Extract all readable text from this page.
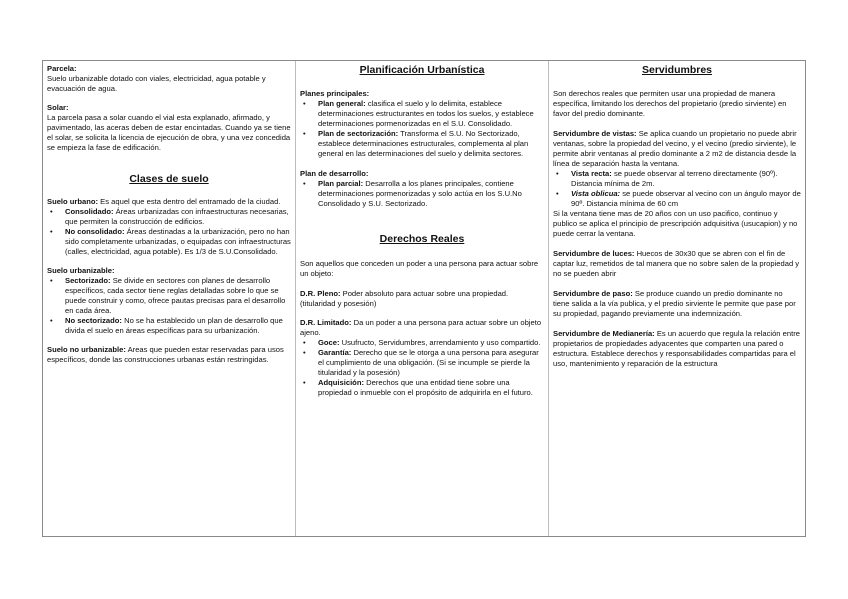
Parcela:
Suelo urbanizable dotado con viales, electricidad, agua potable y evacuación de agua.

Solar:
La parcela pasa a solar cuando el vial esta explanado, afirmado, y pavimentado, las aceras deben de estar encintadas. Cuando ya se tiene el solar, se solicita la licencia de ejecución de obra, y una vez concedida se empieza la fase de edificación.

Clases de suelo

Suelo urbano: Es aquel que esta dentro del entramado de la ciudad.

• Consolidado: Áreas urbanizadas con infraestructuras necesarias, que permiten la construcción de edificios.
• No consolidado: Áreas destinadas a la urbanización, pero no han sido completamente urbanizadas, o equipadas con infraestructuras (calles, electricidad, agua potable). Es 1/3 de S.U.Consolidado.

Suelo urbanizable:

• Sectorizado: Se divide en sectores con planes de desarrollo específicos, cada sector tiene reglas detalladas sobre lo que se puede construir y como, ofrece pautas precisas para el desarrollo en cada área.
• No sectorizado: No se ha establecido un plan de desarrollo que divida el suelo en áreas específicas para su urbanización.

Suelo no urbanizable: Areas que pueden estar reservadas para usos específicos, donde las construcciones urbanas están restringidas.

Planificación Urbanística

Planes principales:

• Plan general: clasifica el suelo y lo delimita, establece determinaciones estructurantes en todos los suelos, y establece determinaciones pormenorizadas en el S.U. Consolidado.
• Plan de sectorización: Transforma el S.U. No Sectorizado, establece determinaciones estructurales, complementa al plan general en las determinaciones del suelo y delimita sectores.

Plan de desarrollo:

• Plan parcial: Desarrolla a los planes principales, contiene determinaciones pormenorizadas y solo actúa en los S.U.No Consolidado y S.U. Sectorizado.

Derechos Reales

Son aquellos que conceden un poder a una persona para actuar sobre un objeto:

D.R. Pleno: Poder absoluto para actuar sobre una propiedad. (titularidad y posesión)

D.R. Limitado: Da un poder a una persona para actuar sobre un objeto ajeno.

• Goce: Usufructo, Servidumbres, arrendamiento y uso compartido.
• Garantía: Derecho que se le otorga a una persona para asegurar el cumplimiento de una obligación. (Si se incumple se pierde la titularidad y la posesión)
• Adquisición: Derechos que una entidad tiene sobre una propiedad o inmueble con el propósito de adquirirla en el futuro.

Servidumbres

Son derechos reales que permiten usar una propiedad de manera específica, limitando los derechos del propietario (predio sirviente) en favor del predio dominante.

Servidumbre de vistas: Se aplica cuando un propietario no puede abrir ventanas, sobre la propiedad del vecino, y el vecino (predio sirviente), le permite abrir ventanas al predio dominante a 2 m2 de distancia desde la línea de separación hasta la ventana.

• Vista recta: se puede observar al terreno directamente (90º). Distancia mínima de 2m.
• Vista oblicua: se puede observar al vecino con un ángulo mayor de 90º. Distancia mínima de 60 cm

Si la ventana tiene mas de 20 años con un uso pacifico, continuo y publico se aplica el principio de prescripción adquisitiva (usucapion) y no puede cerrar la ventana.

Servidumbre de luces: Huecos de 30x30 que se abren con el fin de captar luz, remetidos de tal manera que no sobre salen de la propiedad y no se pueden abrir

Servidumbre de paso: Se produce cuando un predio dominante no tiene salida a la vía publica, y el predio sirviente le permite que pase por su propiedad, pagando previamente una indemnización.

Servidumbre de Medianería: Es un acuerdo que regula la relación entre propietarios de propiedades adyacentes que comparten una pared o estructura. Establece derechos y responsabilidades compartidas para el uso, mantenimiento y reparación de la estructura
